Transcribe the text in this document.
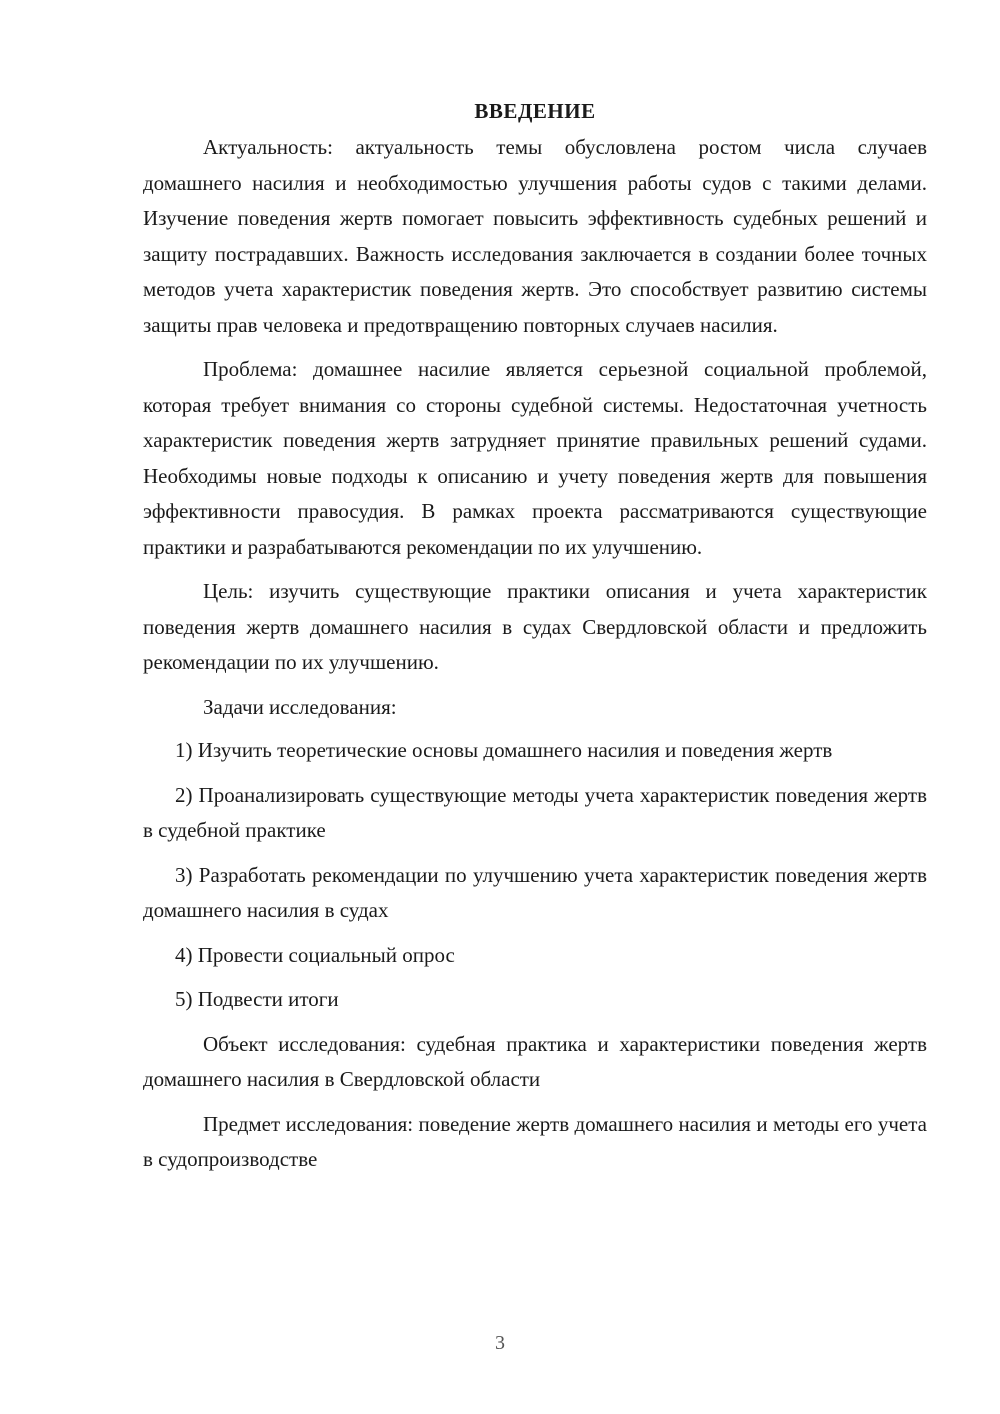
ВВЕДЕНИЕ

Актуальность: актуальность темы обусловлена ростом числа случаев домашнего насилия и необходимостью улучшения работы судов с такими делами. Изучение поведения жертв помогает повысить эффективность судебных решений и защиту пострадавших. Важность исследования заключается в создании более точных методов учета характеристик поведения жертв. Это способствует развитию системы защиты прав человека и предотвращению повторных случаев насилия.

Проблема: домашнее насилие является серьезной социальной проблемой, которая требует внимания со стороны судебной системы. Недостаточная учетность характеристик поведения жертв затрудняет принятие правильных решений судами. Необходимы новые подходы к описанию и учету поведения жертв для повышения эффективности правосудия. В рамках проекта рассматриваются существующие практики и разрабатываются рекомендации по их улучшению.

Цель: изучить существующие практики описания и учета характеристик поведения жертв домашнего насилия в судах Свердловской области и предложить рекомендации по их улучшению.

Задачи исследования:

1) Изучить теоретические основы домашнего насилия и поведения жертв

2) Проанализировать существующие методы учета характеристик поведения жертв в судебной практике

3) Разработать рекомендации по улучшению учета характеристик поведения жертв домашнего насилия в судах

4) Провести социальный опрос

5) Подвести итоги

Объект исследования: судебная практика и характеристики поведения жертв домашнего насилия в Свердловской области

Предмет исследования: поведение жертв домашнего насилия и методы его учета в судопроизводстве

3
